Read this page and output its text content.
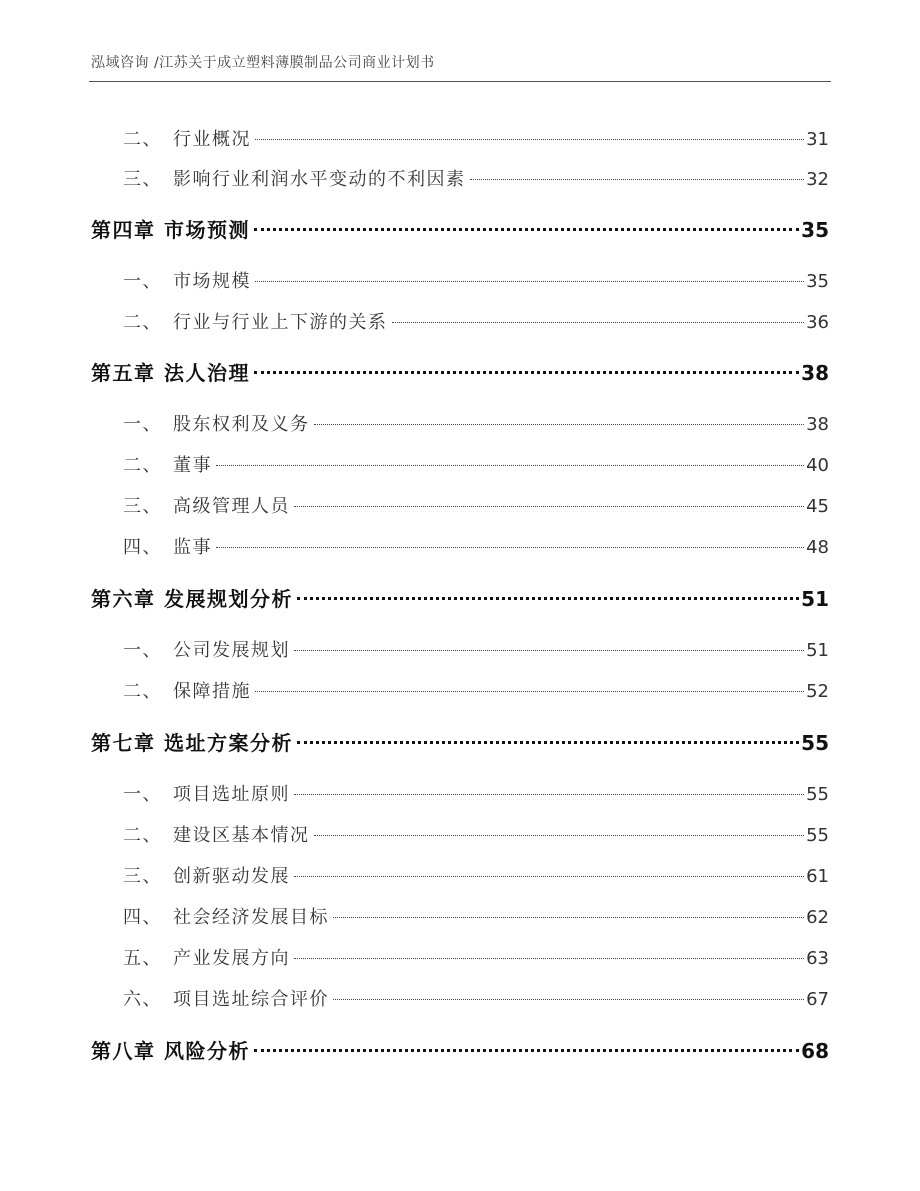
泓域咨询 /江苏关于成立塑料薄膜制品公司商业计划书
二、 行业概况	31
三、 影响行业利润水平变动的不利因素	32
第四章 市场预测	35
一、 市场规模	35
二、 行业与行业上下游的关系	36
第五章 法人治理	38
一、 股东权利及义务	38
二、 董事	40
三、 高级管理人员	45
四、 监事	48
第六章 发展规划分析	51
一、 公司发展规划	51
二、 保障措施	52
第七章 选址方案分析	55
一、 项目选址原则	55
二、 建设区基本情况	55
三、 创新驱动发展	61
四、 社会经济发展目标	62
五、 产业发展方向	63
六、 项目选址综合评价	67
第八章 风险分析	68
